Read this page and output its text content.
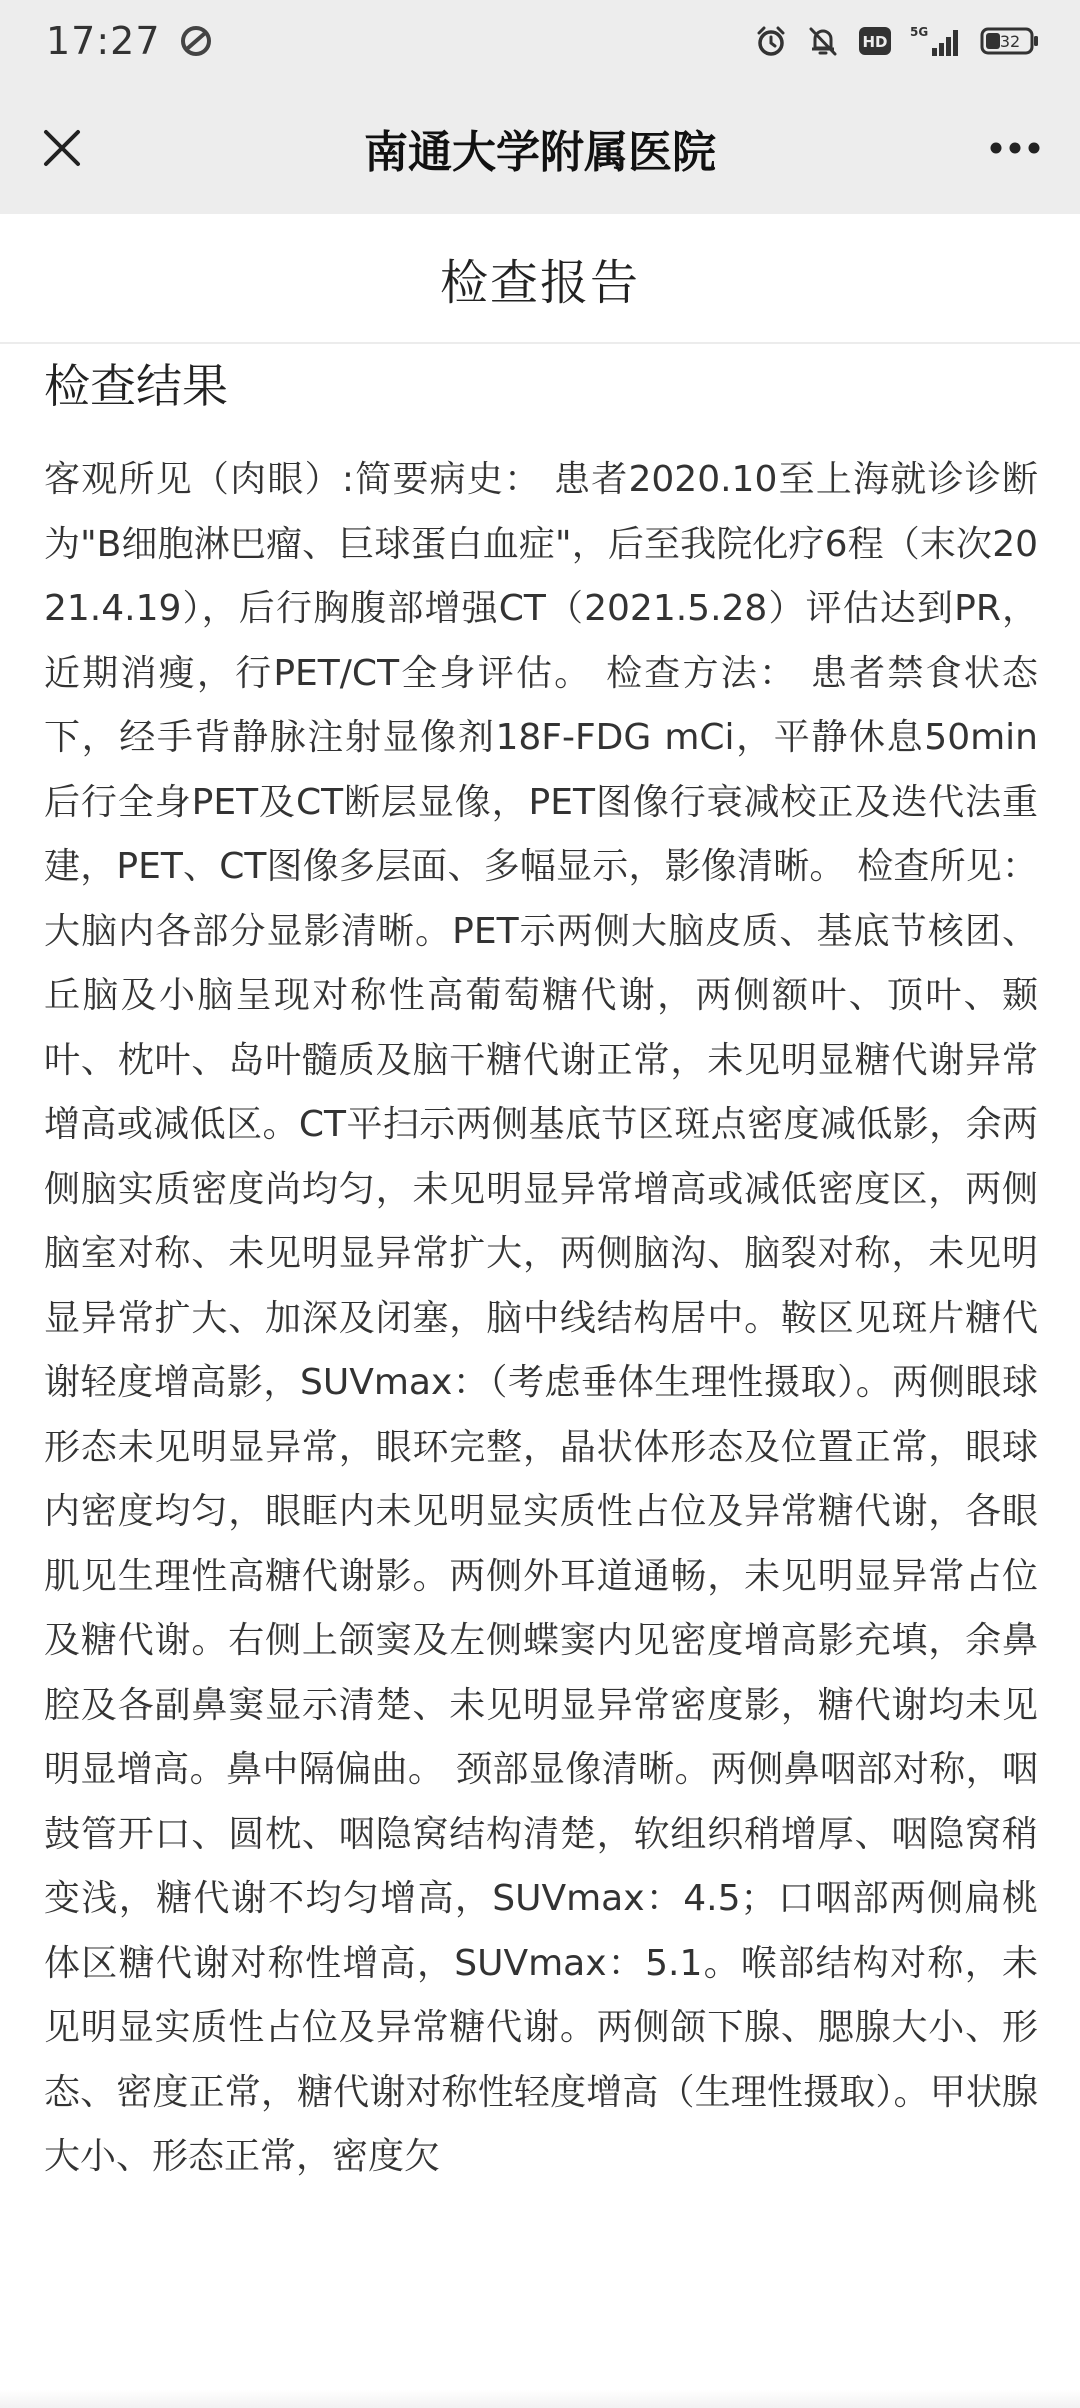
17:27	HD
5G	32
南通大学附属医院
检查报告
检查结果

客观所见（肉眼）:简要病史： 患者2020.10至上海就诊诊断为"B细胞淋巴瘤、巨球蛋白血症"，后至我院化疗6程（末次2021.4.19），后行胸腹部增强CT（2021.5.28）评估达到PR，近期消瘦，行PET/CT全身评估。 检查方法： 患者禁食状态下，经手背静脉注射显像剂18F-FDG mCi，平静休息50min后行全身PET及CT断层显像，PET图像行衰减校正及迭代法重建，PET、CT图像多层面、多幅显示，影像清晰。 检查所见： 大脑内各部分显影清晰。PET示两侧大脑皮质、基底节核团、丘脑及小脑呈现对称性高葡萄糖代谢，两侧额叶、顶叶、颞叶、枕叶、岛叶髓质及脑干糖代谢正常，未见明显糖代谢异常增高或减低区。CT平扫示两侧基底节区斑点密度减低影，余两侧脑实质密度尚均匀，未见明显异常增高或减低密度区，两侧脑室对称、未见明显异常扩大，两侧脑沟、脑裂对称，未见明显异常扩大、加深及闭塞，脑中线结构居中。鞍区见斑片糖代谢轻度增高影，SUVmax：（考虑垂体生理性摄取）。两侧眼球形态未见明显异常，眼环完整，晶状体形态及位置正常，眼球内密度均匀，眼眶内未见明显实质性占位及异常糖代谢，各眼肌见生理性高糖代谢影。两侧外耳道通畅，未见明显异常占位及糖代谢。右侧上颌窦及左侧蝶窦内见密度增高影充填，余鼻腔及各副鼻窦显示清楚、未见明显异常密度影，糖代谢均未见明显增高。鼻中隔偏曲。 颈部显像清晰。两侧鼻咽部对称，咽鼓管开口、圆枕、咽隐窝结构清楚，软组织稍增厚、咽隐窝稍变浅，糖代谢不均匀增高，SUVmax：4.5；口咽部两侧扁桃体区糖代谢对称性增高，SUVmax：5.1。喉部结构对称，未见明显实质性占位及异常糖代谢。两侧颌下腺、腮腺大小、形态、密度正常，糖代谢对称性轻度增高（生理性摄取）。甲状腺大小、形态正常，密度欠
